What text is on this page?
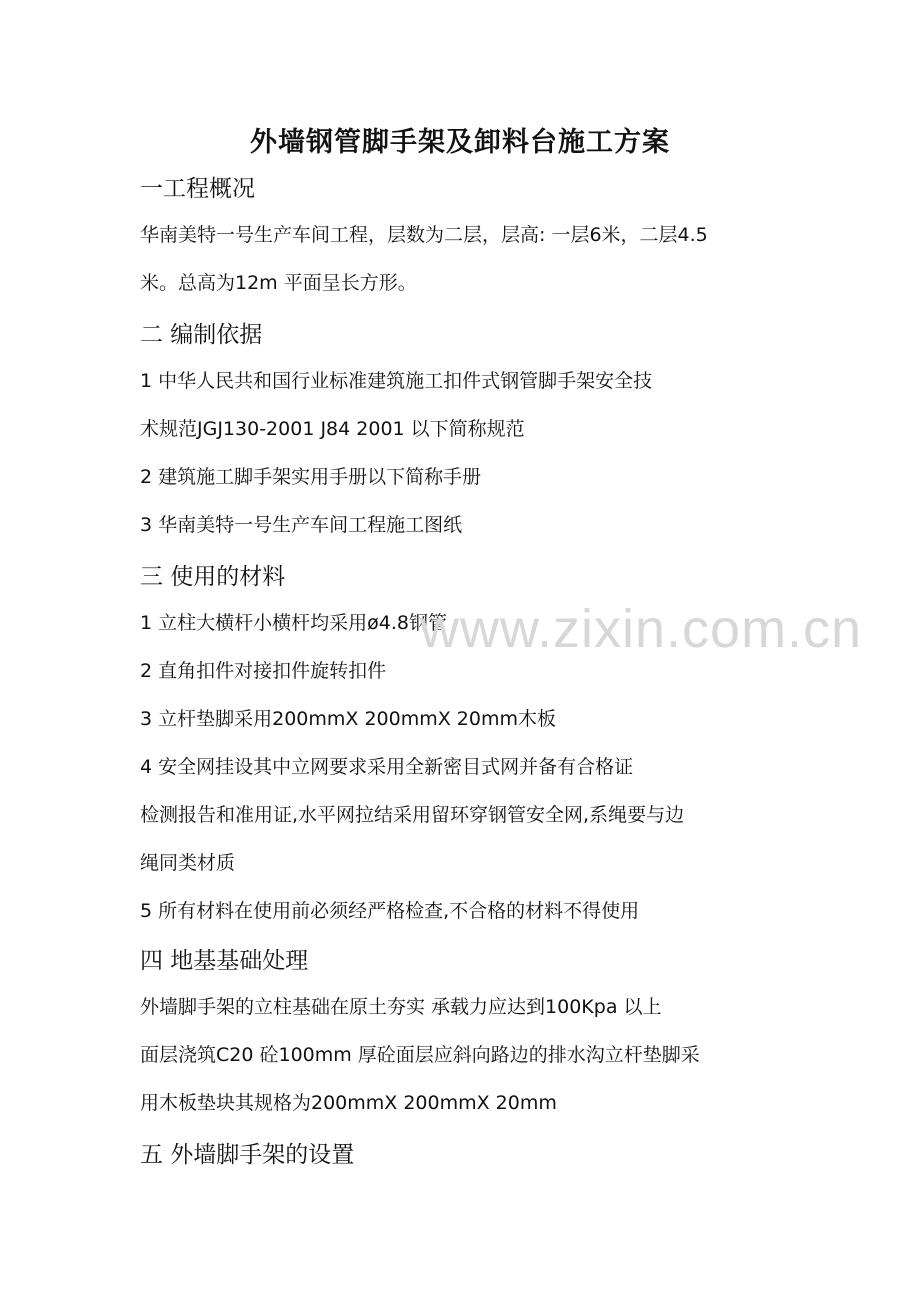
外墙钢管脚手架及卸料台施工方案
一工程概况
华南美特一号生产车间工程，层数为二层，层高: 一层6米，二层4.5
米。总高为12m 平面呈长方形。
二 编制依据
1 中华人民共和国行业标准建筑施工扣件式钢管脚手架安全技
术规范JGJ130-2001 J84 2001 以下简称规范
2 建筑施工脚手架实用手册以下简称手册
3 华南美特一号生产车间工程施工图纸
三 使用的材料
1 立柱大横杆小横杆均采用ø4.8钢管
2 直角扣件对接扣件旋转扣件
3 立杆垫脚采用200mmX 200mmX 20mm木板
4 安全网挂设其中立网要求采用全新密目式网并备有合格证
检测报告和准用证,水平网拉结采用留环穿钢管安全网,系绳要与边
绳同类材质
5 所有材料在使用前必须经严格检查,不合格的材料不得使用
四 地基基础处理
外墙脚手架的立柱基础在原土夯实 承载力应达到100Kpa 以上
面层浇筑C20 砼100mm 厚砼面层应斜向路边的排水沟立杆垫脚采
用木板垫块其规格为200mmX 200mmX 20mm
五 外墙脚手架的设置
www.zixin.com.cn
